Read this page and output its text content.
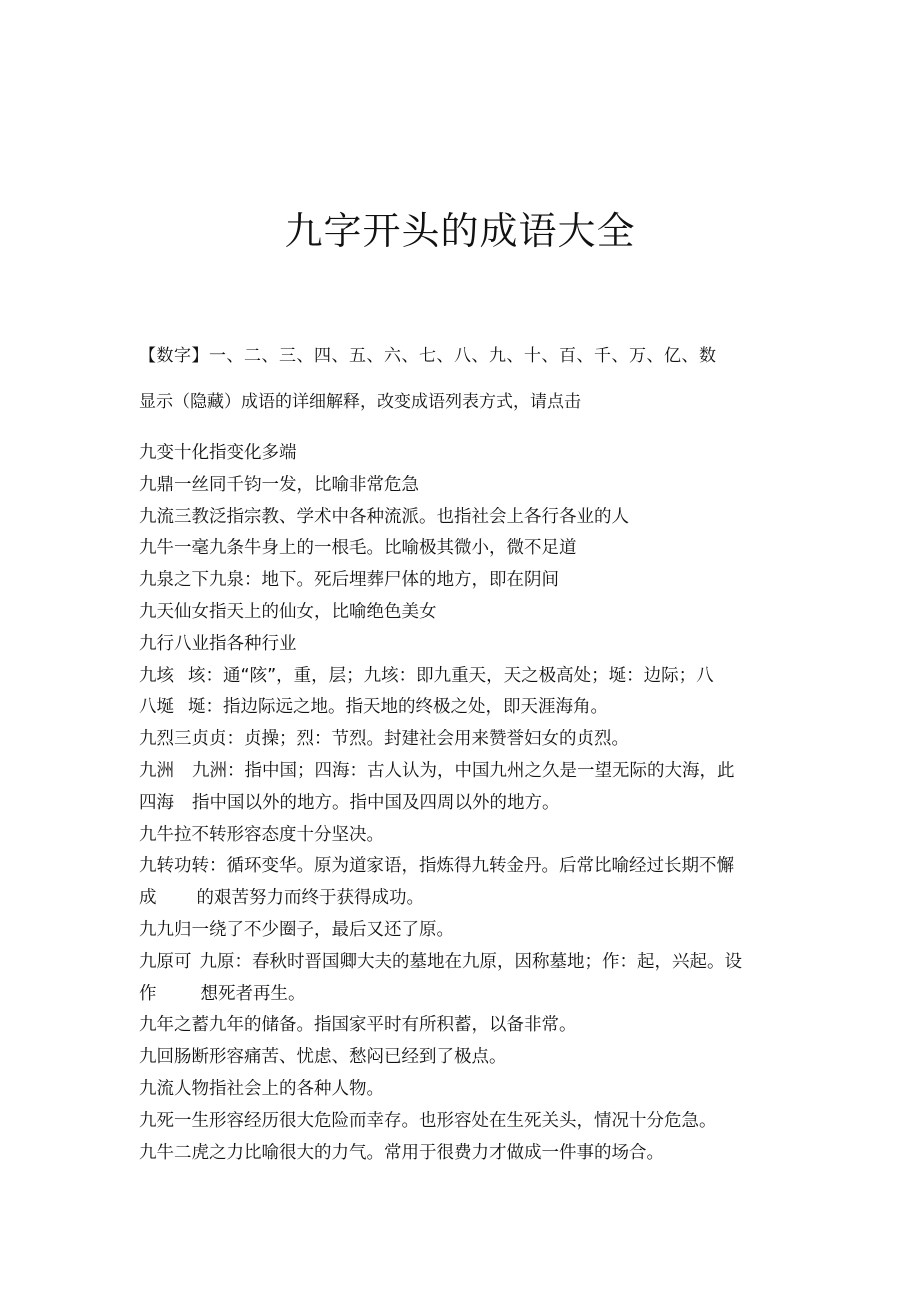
九字开头的成语大全
【数字】一、二、三、四、五、六、七、八、九、十、百、千、万、亿、数
显示（隐藏）成语的详细解释，改变成语列表方式，请点击
九变十化指变化多端
九鼎一丝同千钧一发，比喻非常危急
九流三教泛指宗教、学术中各种流派。也指社会上各行各业的人
九牛一毫九条牛身上的一根毛。比喻极其微小，微不足道
九泉之下九泉：地下。死后埋葬尸体的地方，即在阴间
九天仙女指天上的仙女，比喻绝色美女
九行八业指各种行业
九垓 垓：通“陔”，重，层；九垓：即九重天，天之极高处；埏：边际；八
八埏 埏：指边际远之地。指天地的终极之处，即天涯海角。
九烈三贞贞：贞操；烈：节烈。封建社会用来赞誉妇女的贞烈。
九洲 九洲：指中国；四海：古人认为，中国九州之久是一望无际的大海，此
四海 指中国以外的地方。指中国及四周以外的地方。
九牛拉不转形容态度十分坚决。
九转功 转：循环变华。原为道家语，指炼得九转金丹。后常比喻经过长期不懈
成 的艰苦努力而终于获得成功。
九九归一绕了不少圈子，最后又还了原。
九原可 九原：春秋时晋国卿大夫的墓地在九原，因称墓地；作：起，兴起。设
作	想死者再生。
九年之蓄九年的储备。指国家平时有所积蓄，以备非常。
九回肠断形容痛苦、忧虑、愁闷已经到了极点。
九流人物指社会上的各种人物。
九死一生形容经历很大危险而幸存。也形容处在生死关头，情况十分危急。
九牛二虎之力比喻很大的力气。常用于很费力才做成一件事的场合。
